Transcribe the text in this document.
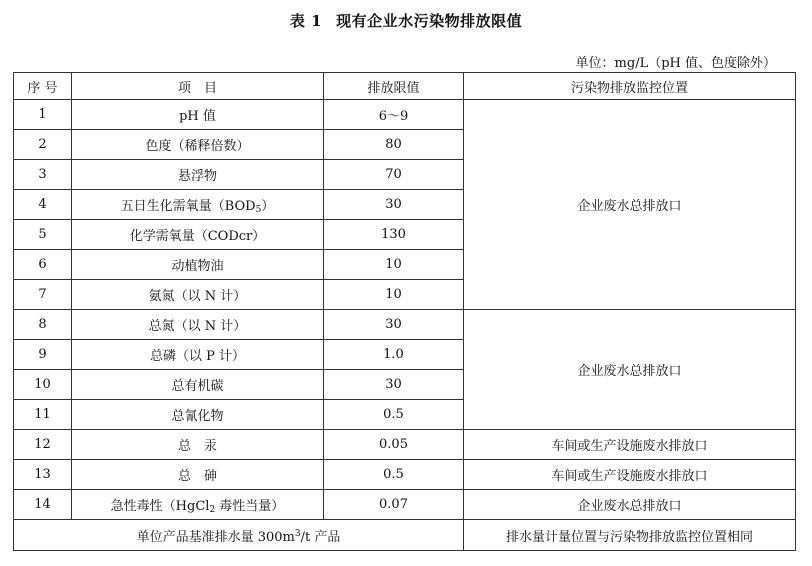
表 1 现有企业水污染物排放限值
单位：mg/L（pH 值、色度除外）
序 号	项　目	排放限值	污染物排放监控位置
1	pH 值	6～9	企业废水总排放口
2	色度（稀释倍数）	80	
3	悬浮物	70	
4	五日生化需氧量$(BOD_5)$	30	
5	化学需氧量（CODcr）	130	
6	动植物油	10	
7	氨氮（以 N 计）	10	
8	总氮（以 N 计）	30	企业废水总排放口
9	总磷（以 P 计）	1.0	
10	总有机碳	30	
11	总氰化物	0.5	
12	总　汞	0.05	车间或生产设施废水排放口
13	总　砷	0.5	车间或生产设施废水排放口
14	急性毒性（HgCl$_2$ 毒性当量）	0.07	企业废水总排放口
单位产品基准排水量 $300m^3/t$ 产品			排水量计量位置与污染物排放监控位置相同
